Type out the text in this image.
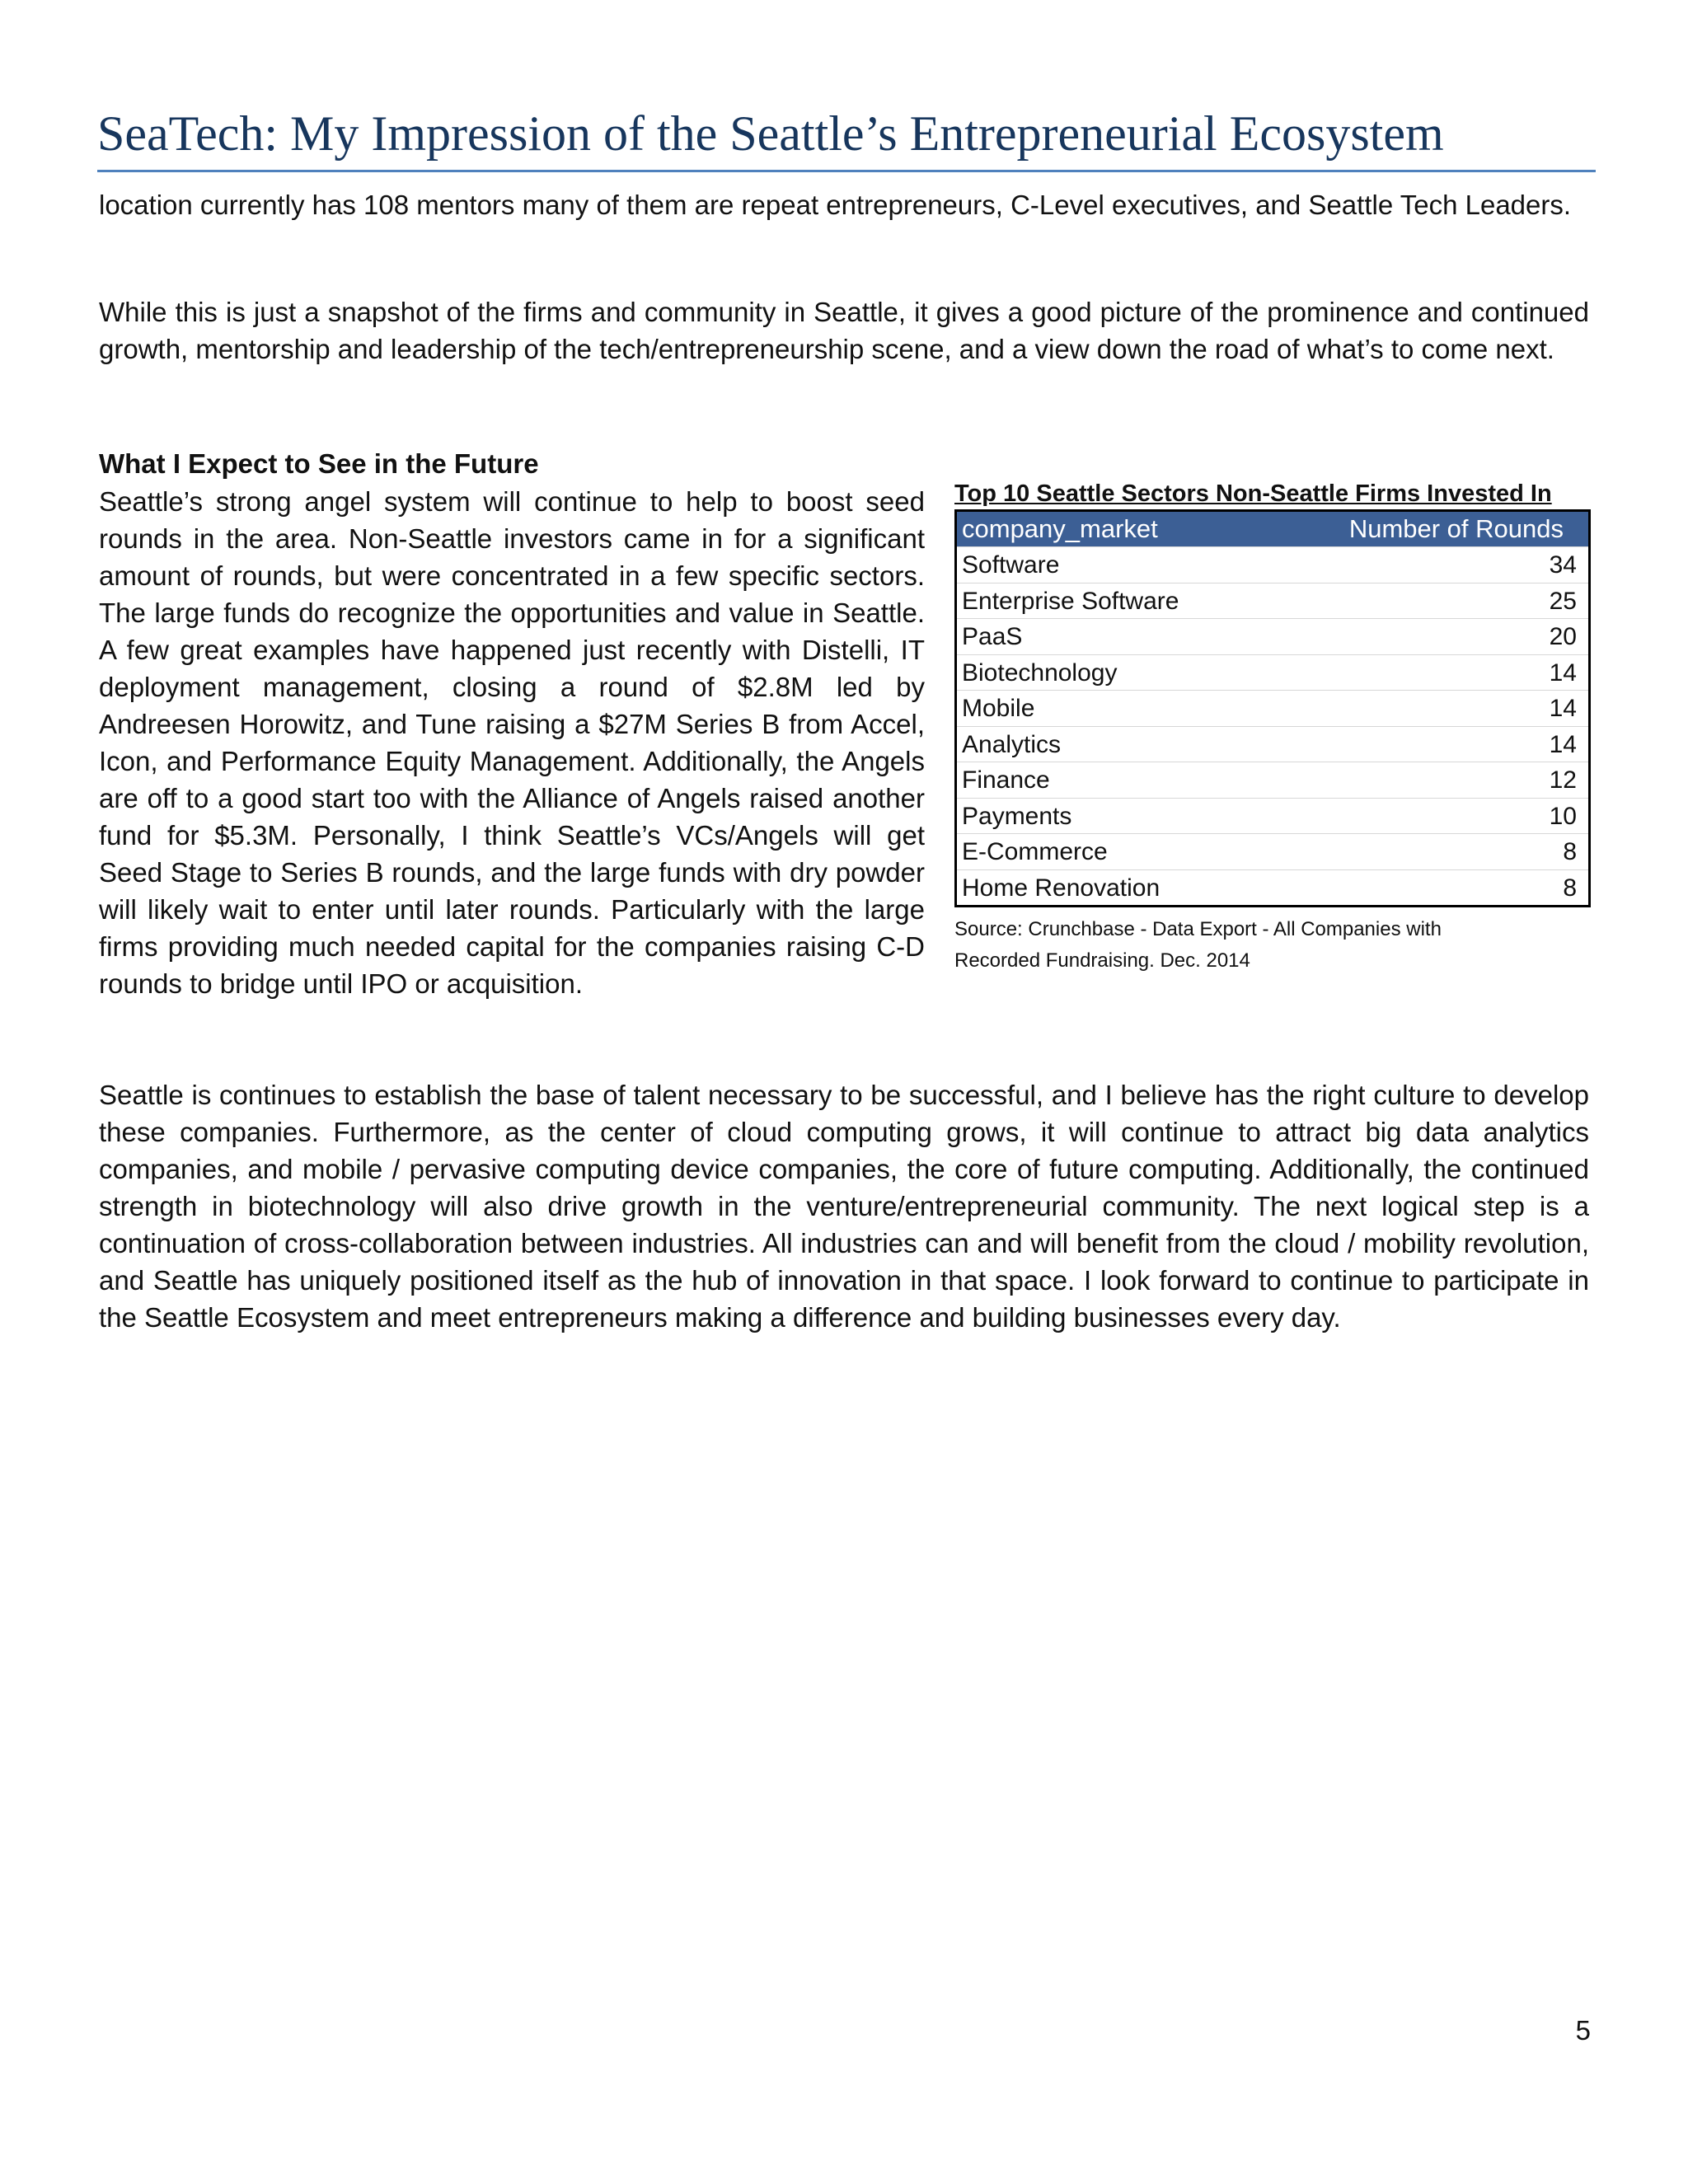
SeaTech: My Impression of the Seattle’s Entrepreneurial Ecosystem

location currently has 108 mentors many of them are repeat entrepreneurs, C-Level executives, and Seattle Tech Leaders.

While this is just a snapshot of the firms and community in Seattle, it gives a good picture of the prominence and continued growth, mentorship and leadership of the tech/entrepreneurship scene, and a view down the road of what’s to come next.

What I Expect to See in the Future

Seattle’s strong angel system will continue to help to boost seed rounds in the area. Non-Seattle investors came in for a significant amount of rounds, but were concentrated in a few specific sectors. The large funds do recognize the opportunities and value in Seattle. A few great examples have happened just recently with Distelli, IT deployment management, closing a round of $2.8M led by Andreesen Horowitz, and Tune raising a $27M Series B from Accel, Icon, and Performance Equity Management. Additionally, the Angels are off to a good start too with the Alliance of Angels raised another fund for $5.3M. Personally, I think Seattle’s VCs/Angels will get Seed Stage to Series B rounds, and the large funds with dry powder will likely wait to enter until later rounds. Particularly with the large firms providing much needed capital for the companies raising C-D rounds to bridge until IPO or acquisition.

Top 10 Seattle Sectors Non-Seattle Firms Invested In
company_market	Number of Rounds
Software	34
Enterprise Software	25
PaaS	20
Biotechnology	14
Mobile	14
Analytics	14
Finance	12
Payments	10
E-Commerce	8
Home Renovation	8
Source: Crunchbase - Data Export - All Companies with Recorded Fundraising. Dec. 2014

Seattle is continues to establish the base of talent necessary to be successful, and I believe has the right culture to develop these companies. Furthermore, as the center of cloud computing grows, it will continue to attract big data analytics companies, and mobile / pervasive computing device companies, the core of future computing. Additionally, the continued strength in biotechnology will also drive growth in the venture/entrepreneurial community. The next logical step is a continuation of cross-collaboration between industries. All industries can and will benefit from the cloud / mobility revolution, and Seattle has uniquely positioned itself as the hub of innovation in that space. I look forward to continue to participate in the Seattle Ecosystem and meet entrepreneurs making a difference and building businesses every day.

5
